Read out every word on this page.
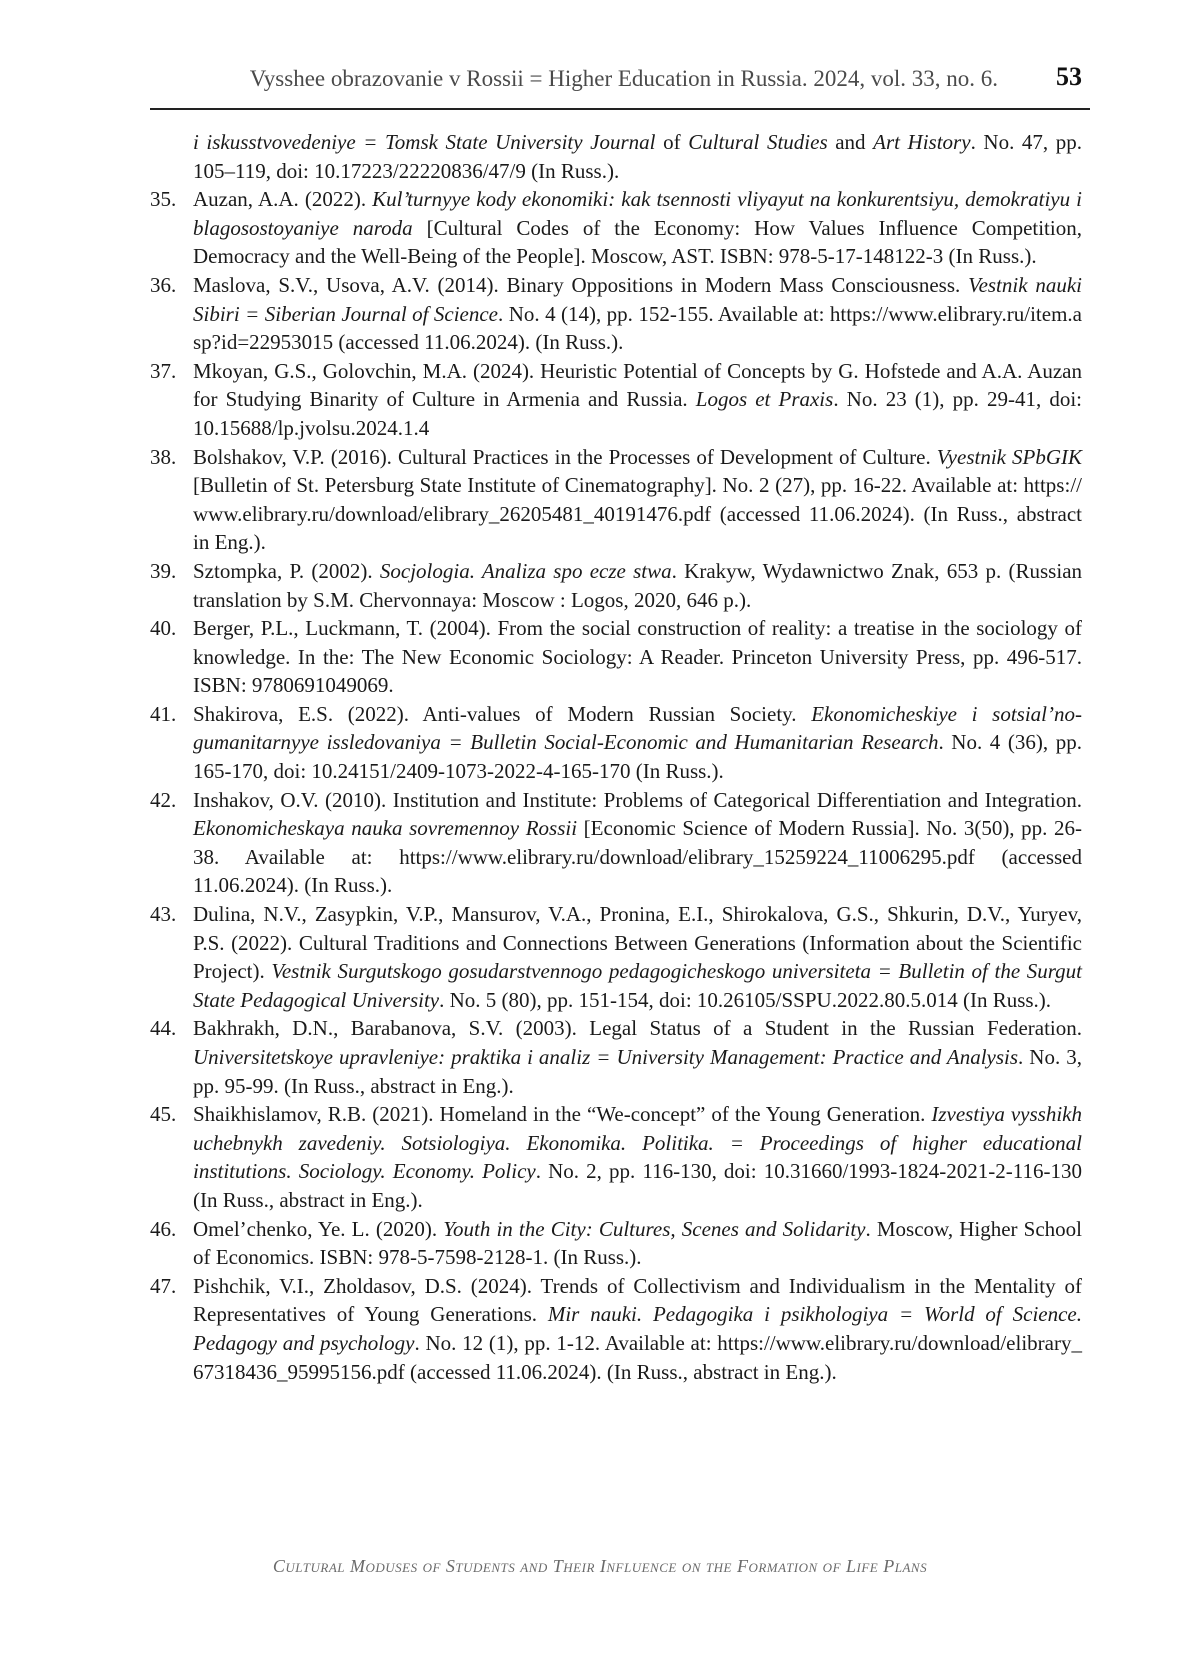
Vysshee obrazovanie v Rossii = Higher Education in Russia. 2024, vol. 33, no. 6. 53
i iskusstvovedeniye = Tomsk State University Journal of Cultural Studies and Art History. No. 47, pp. 105–119, doi: 10.17223/22220836/47/9 (In Russ.).
35. Auzan, A.A. (2022). Kul’turnyye kody ekonomiki: kak tsennosti vliyayut na konkurentsiyu, demokratiyu i blagosostoyaniye naroda [Cultural Codes of the Economy: How Values Influence Competition, Democracy and the Well-Being of the People]. Moscow, AST. ISBN: 978-5-17-148122-3 (In Russ.).
36. Maslova, S.V., Usova, A.V. (2014). Binary Oppositions in Modern Mass Consciousness. Vestnik nauki Sibiri = Siberian Journal of Science. No. 4 (14), pp. 152-155. Available at: https://www.elibrary.ru/item.asp?id=22953015 (accessed 11.06.2024). (In Russ.).
37. Mkoyan, G.S., Golovchin, M.A. (2024). Heuristic Potential of Concepts by G. Hofstede and A.A. Auzan for Studying Binarity of Culture in Armenia and Russia. Logos et Praxis. No. 23 (1), pp. 29-41, doi: 10.15688/lp.jvolsu.2024.1.4
38. Bolshakov, V.P. (2016). Cultural Practices in the Processes of Development of Culture. Vyestnik SPbGIK [Bulletin of St. Petersburg State Institute of Cinematography]. No. 2 (27), pp. 16-22. Available at: https://www.elibrary.ru/download/elibrary_26205481_40191476.pdf (accessed 11.06.2024). (In Russ., abstract in Eng.).
39. Sztompka, P. (2002). Socjologia. Analiza spo ecze stwa. Krakyw, Wydawnictwo Znak, 653 p. (Russian translation by S.M. Chervonnaya: Moscow : Logos, 2020, 646 p.).
40. Berger, P.L., Luckmann, T. (2004). From the social construction of reality: a treatise in the sociology of knowledge. In the: The New Economic Sociology: A Reader. Princeton University Press, pp. 496-517. ISBN: 9780691049069.
41. Shakirova, E.S. (2022). Anti-values of Modern Russian Society. Ekonomicheskiye i sotsial’no-gumanitarnyye issledovaniya = Bulletin Social-Economic and Humanitarian Research. No. 4 (36), pp. 165-170, doi: 10.24151/2409-1073-2022-4-165-170 (In Russ.).
42. Inshakov, O.V. (2010). Institution and Institute: Problems of Categorical Differentiation and Integration. Ekonomicheskaya nauka sovremennoy Rossii [Economic Science of Modern Russia]. No. 3(50), pp. 26-38. Available at: https://www.elibrary.ru/download/elibrary_15259224_11006295.pdf (accessed 11.06.2024). (In Russ.).
43. Dulina, N.V., Zasypkin, V.P., Mansurov, V.A., Pronina, E.I., Shirokalova, G.S., Shkurin, D.V., Yuryev, P.S. (2022). Cultural Traditions and Connections Between Generations (Information about the Scientific Project). Vestnik Surgutskogo gosudarstvennogo pedagogicheskogo universiteta = Bulletin of the Surgut State Pedagogical University. No. 5 (80), pp. 151-154, doi: 10.26105/SSPU.2022.80.5.014 (In Russ.).
44. Bakhrakh, D.N., Barabanova, S.V. (2003). Legal Status of a Student in the Russian Federation. Universitetskoye upravleniye: praktika i analiz = University Management: Practice and Analysis. No. 3, pp. 95-99. (In Russ., abstract in Eng.).
45. Shaikhislamov, R.B. (2021). Homeland in the “We-concept” of the Young Generation. Izvestiya vysshikh uchebnykh zavedeniy. Sotsiologiya. Ekonomika. Politika. = Proceedings of higher educational institutions. Sociology. Economy. Policy. No. 2, pp. 116-130, doi: 10.31660/1993-1824-2021-2-116-130 (In Russ., abstract in Eng.).
46. Omel’chenko, Ye. L. (2020). Youth in the City: Cultures, Scenes and Solidarity. Moscow, Higher School of Economics. ISBN: 978-5-7598-2128-1. (In Russ.).
47. Pishchik, V.I., Zholdasov, D.S. (2024). Trends of Collectivism and Individualism in the Mentality of Representatives of Young Generations. Mir nauki. Pedagogika i psikhologiya = World of Science. Pedagogy and psychology. No. 12 (1), pp. 1-12. Available at: https://www.elibrary.ru/download/elibrary_67318436_95995156.pdf (accessed 11.06.2024). (In Russ., abstract in Eng.).
Cultural Moduses of Students and Their Influence on the Formation of Life Plans
